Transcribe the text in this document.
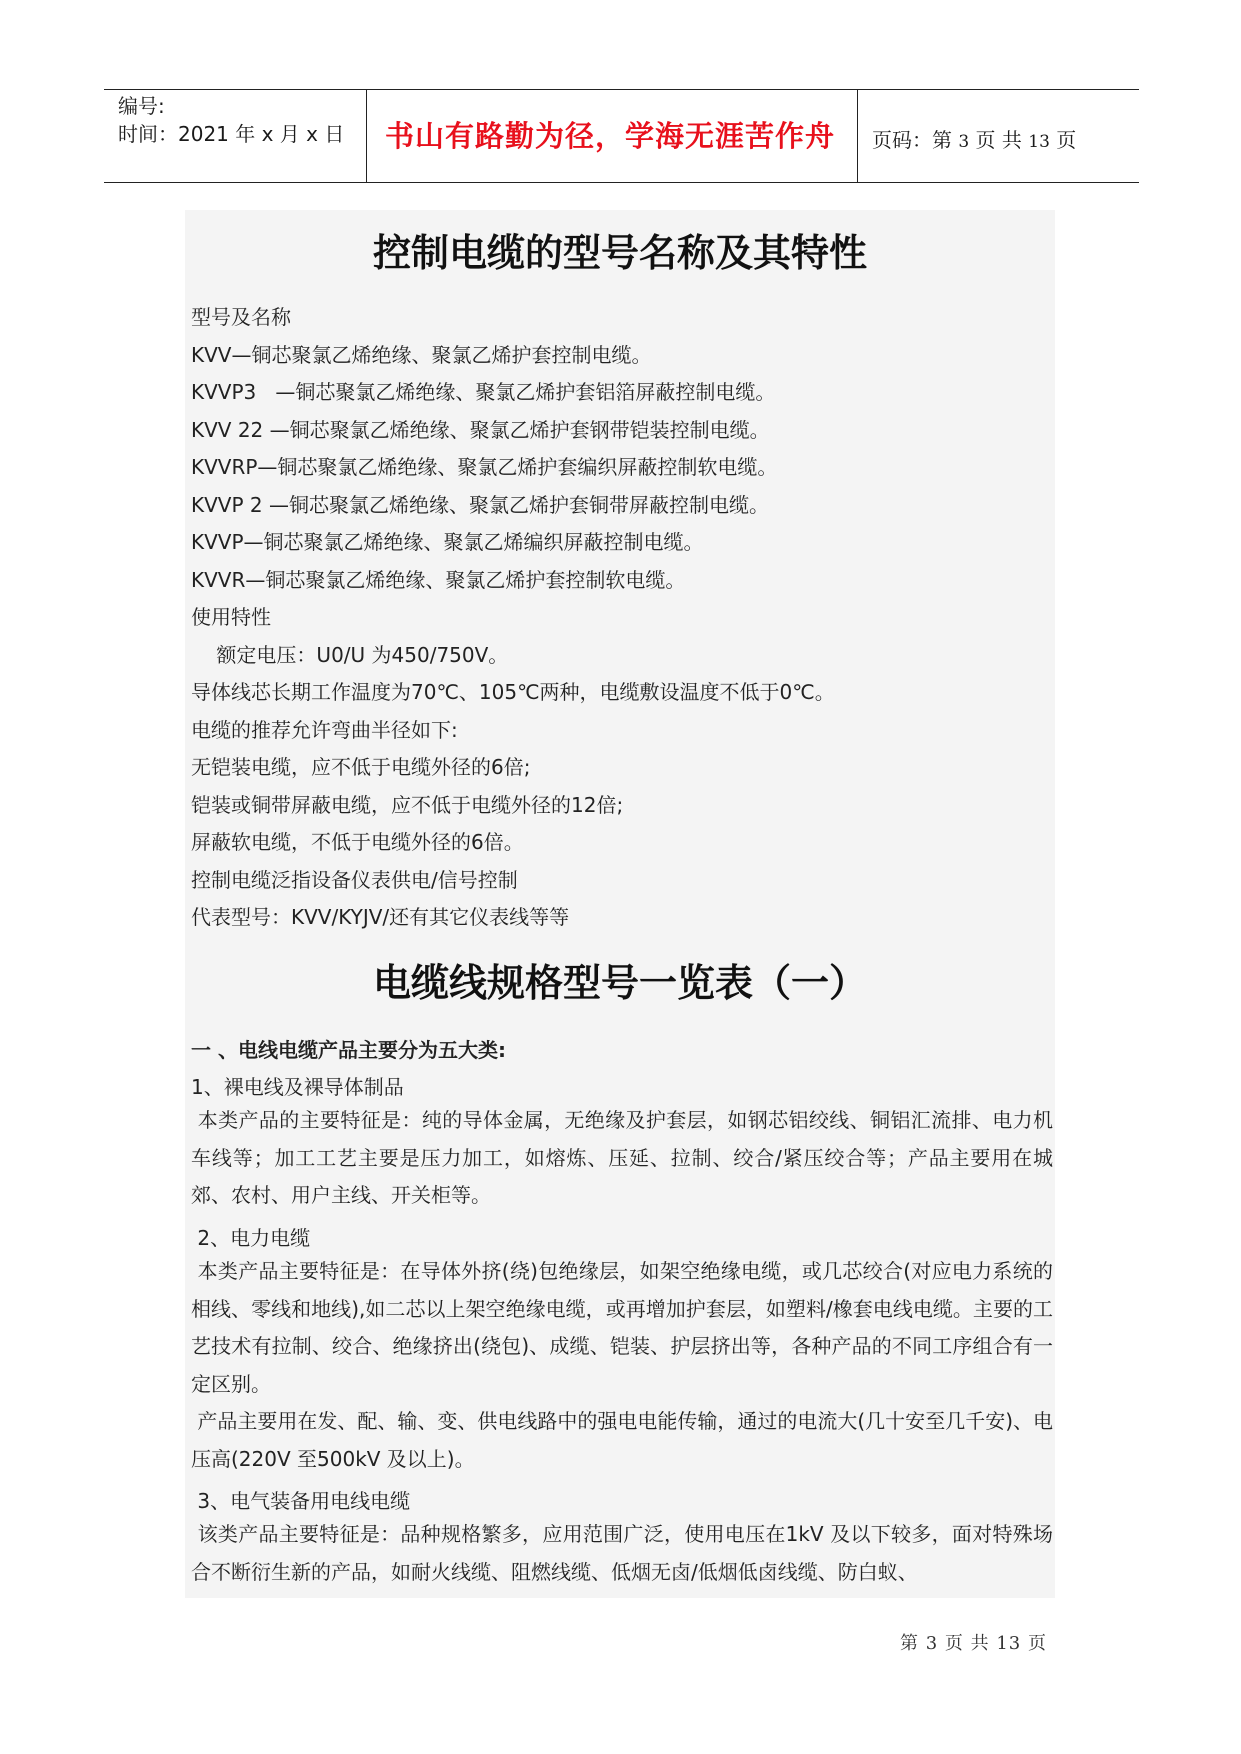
编号:
时间：2021 年 x 月 x 日	书山有路勤为径，学海无涯苦作舟	页码：第 3 页 共 13 页
控制电缆的型号名称及其特性
型号及名称
KVV—铜芯聚氯乙烯绝缘、聚氯乙烯护套控制电缆。
KVVP3   —铜芯聚氯乙烯绝缘、聚氯乙烯护套铝箔屏蔽控制电缆。
KVV 22 —铜芯聚氯乙烯绝缘、聚氯乙烯护套钢带铠装控制电缆。
KVVRP—铜芯聚氯乙烯绝缘、聚氯乙烯护套编织屏蔽控制软电缆。
KVVP 2 —铜芯聚氯乙烯绝缘、聚氯乙烯护套铜带屏蔽控制电缆。
KVVP—铜芯聚氯乙烯绝缘、聚氯乙烯编织屏蔽控制电缆。
KVVR—铜芯聚氯乙烯绝缘、聚氯乙烯护套控制软电缆。
使用特性
额定电压：U0/U 为450/750V。
导体线芯长期工作温度为70℃、105℃两种，电缆敷设温度不低于0℃。
电缆的推荐允许弯曲半径如下:
无铠装电缆，应不低于电缆外径的6倍;
铠装或铜带屏蔽电缆，应不低于电缆外径的12倍;
屏蔽软电缆，不低于电缆外径的6倍。
控制电缆泛指设备仪表供电/信号控制
代表型号：KVV/KYJV/还有其它仪表线等等
电缆线规格型号一览表（一）
一 、电线电缆产品主要分为五大类:
1、裸电线及裸导体制品
本类产品的主要特征是：纯的导体金属，无绝缘及护套层，如钢芯铝绞线、铜铝汇流排、电力机车线等；加工工艺主要是压力加工，如熔炼、压延、拉制、绞合/紧压绞合等；产品主要用在城郊、农村、用户主线、开关柜等。
2、电力电缆
本类产品主要特征是：在导体外挤(绕)包绝缘层，如架空绝缘电缆，或几芯绞合(对应电力系统的相线、零线和地线),如二芯以上架空绝缘电缆，或再增加护套层，如塑料/橡套电线电缆。主要的工艺技术有拉制、绞合、绝缘挤出(绕包)、成缆、铠装、护层挤出等，各种产品的不同工序组合有一定区别。
产品主要用在发、配、输、变、供电线路中的强电电能传输，通过的电流大(几十安至几千安)、电压高(220V 至500kV 及以上)。
3、电气装备用电线电缆
该类产品主要特征是：品种规格繁多，应用范围广泛，使用电压在1kV 及以下较多，面对特殊场合不断衍生新的产品，如耐火线缆、阻燃线缆、低烟无卤/低烟低卤线缆、防白蚁、
第 3 页 共 13 页
